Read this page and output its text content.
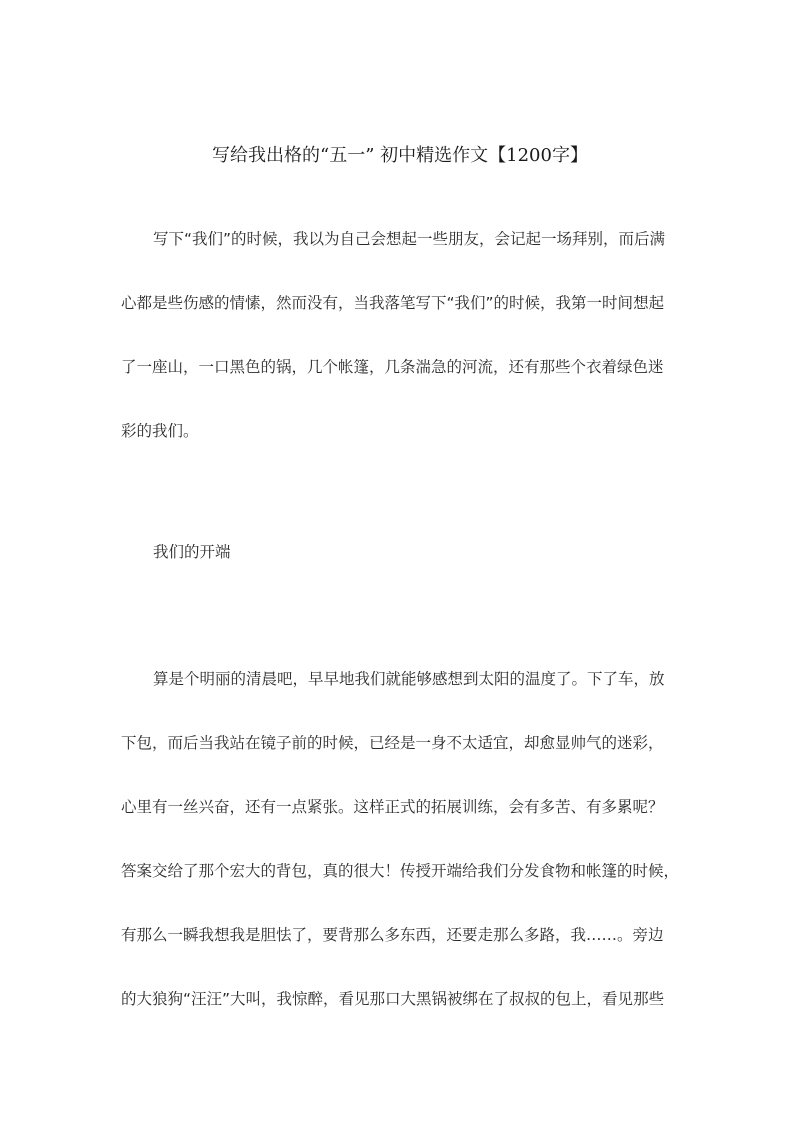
写给我出格的“五一” 初中精选作文【1200字】
写下“我们”的时候，我以为自己会想起一些朋友，会记起一场拜别，而后满
心都是些伤感的情愫，然而没有，当我落笔写下“我们”的时候，我第一时间想起
了一座山，一口黑色的锅，几个帐篷，几条湍急的河流，还有那些个衣着绿色迷
彩的我们。
我们的开端
算是个明丽的清晨吧，早早地我们就能够感想到太阳的温度了。下了车，放
下包，而后当我站在镜子前的时候，已经是一身不太适宜，却愈显帅气的迷彩，
心里有一丝兴奋，还有一点紧张。这样正式的拓展训练，会有多苦、有多累呢？
答案交给了那个宏大的背包，真的很大！传授开端给我们分发食物和帐篷的时候，
有那么一瞬我想我是胆怯了，要背那么多东西，还要走那么多路，我……。旁边
的大狼狗“汪汪”大叫，我惊醉，看见那口大黑锅被绑在了叔叔的包上，看见那些
